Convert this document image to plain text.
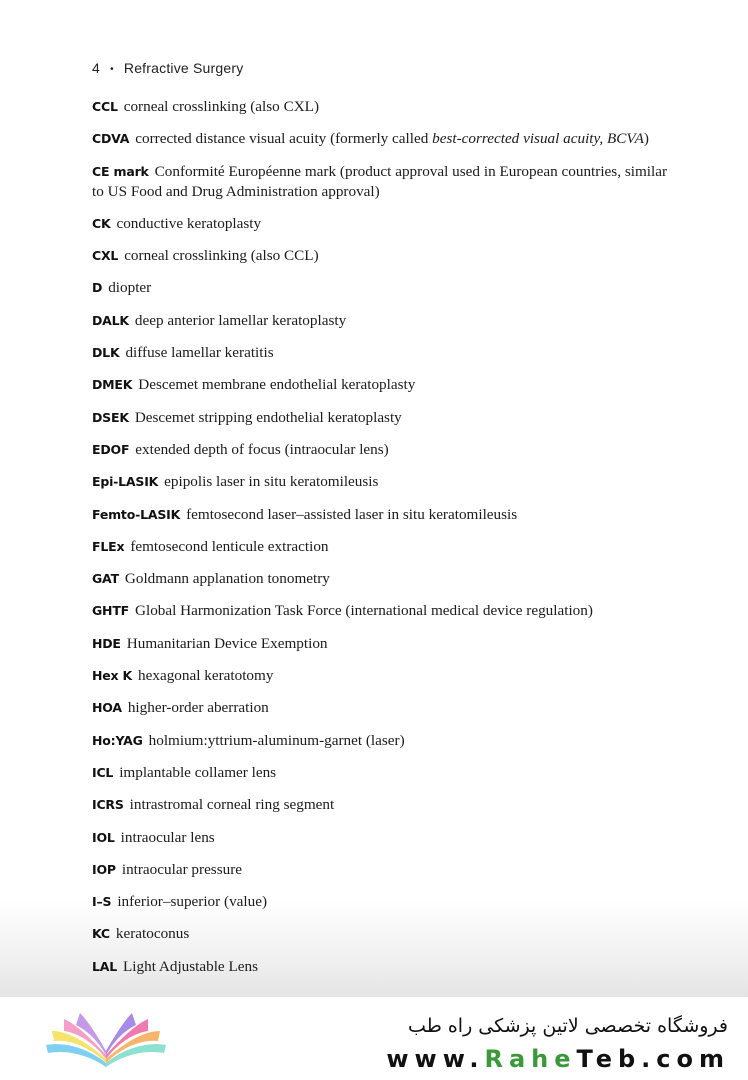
4 • Refractive Surgery

CCL corneal crosslinking (also CXL)

CDVA corrected distance visual acuity (formerly called best-corrected visual acuity, BCVA)

CE mark Conformité Européenne mark (product approval used in European countries, similar to US Food and Drug Administration approval)

CK conductive keratoplasty

CXL corneal crosslinking (also CCL)

D diopter

DALK deep anterior lamellar keratoplasty

DLK diffuse lamellar keratitis

DMEK Descemet membrane endothelial keratoplasty

DSEK Descemet stripping endothelial keratoplasty

EDOF extended depth of focus (intraocular lens)

Epi-LASIK epipolis laser in situ keratomileusis

Femto-LASIK femtosecond laser–assisted laser in situ keratomileusis

FLEx femtosecond lenticule extraction

GAT Goldmann applanation tonometry

GHTF Global Harmonization Task Force (international medical device regulation)

HDE Humanitarian Device Exemption

Hex K hexagonal keratotomy

HOA higher-order aberration

Ho:YAG holmium:yttrium-aluminum-garnet (laser)

ICL implantable collamer lens

ICRS intrastromal corneal ring segment

IOL intraocular lens

IOP intraocular pressure

I–S inferior–superior (value)

KC keratoconus

LAL Light Adjustable Lens

فروشگاه تخصصی لاتین پزشکی راه طب
www.RaheTeb.com
